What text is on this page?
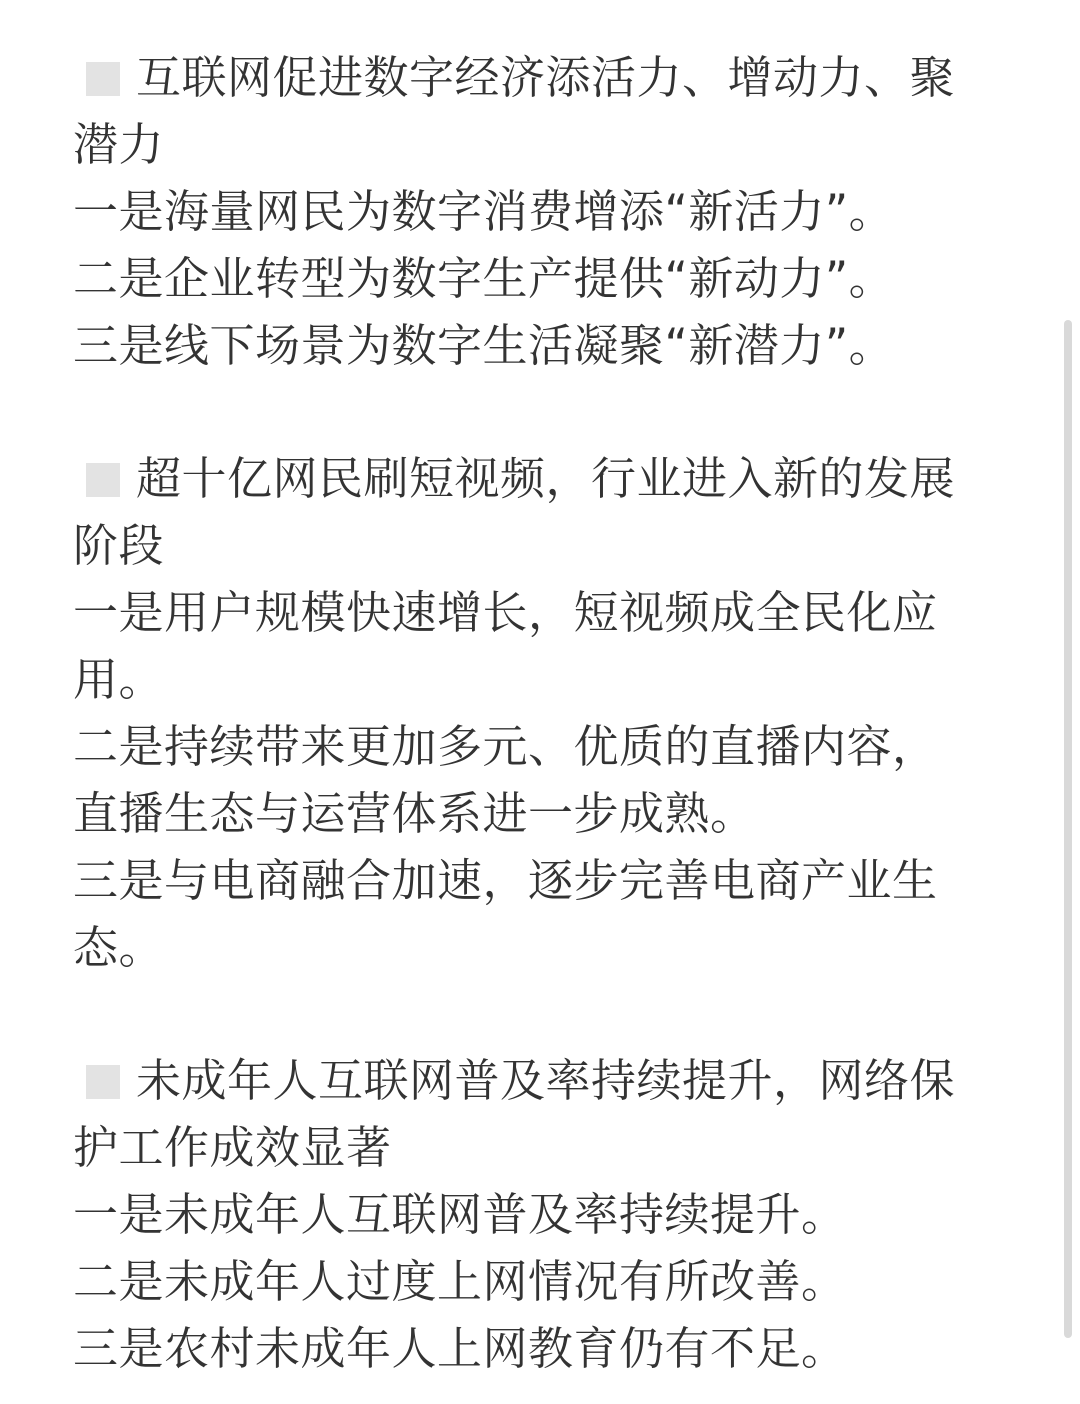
互联网促进数字经济添活力、增动力、聚
潜力
一是海量网民为数字消费增添“新活力”。
二是企业转型为数字生产提供“新动力”。
三是线下场景为数字生活凝聚“新潜力”。
超十亿网民刷短视频，行业进入新的发展
阶段
一是用户规模快速增长，短视频成全民化应
用。
二是持续带来更加多元、优质的直播内容，
直播生态与运营体系进一步成熟。
三是与电商融合加速，逐步完善电商产业生
态。
未成年人互联网普及率持续提升，网络保
护工作成效显著
一是未成年人互联网普及率持续提升。
二是未成年人过度上网情况有所改善。
三是农村未成年人上网教育仍有不足。
